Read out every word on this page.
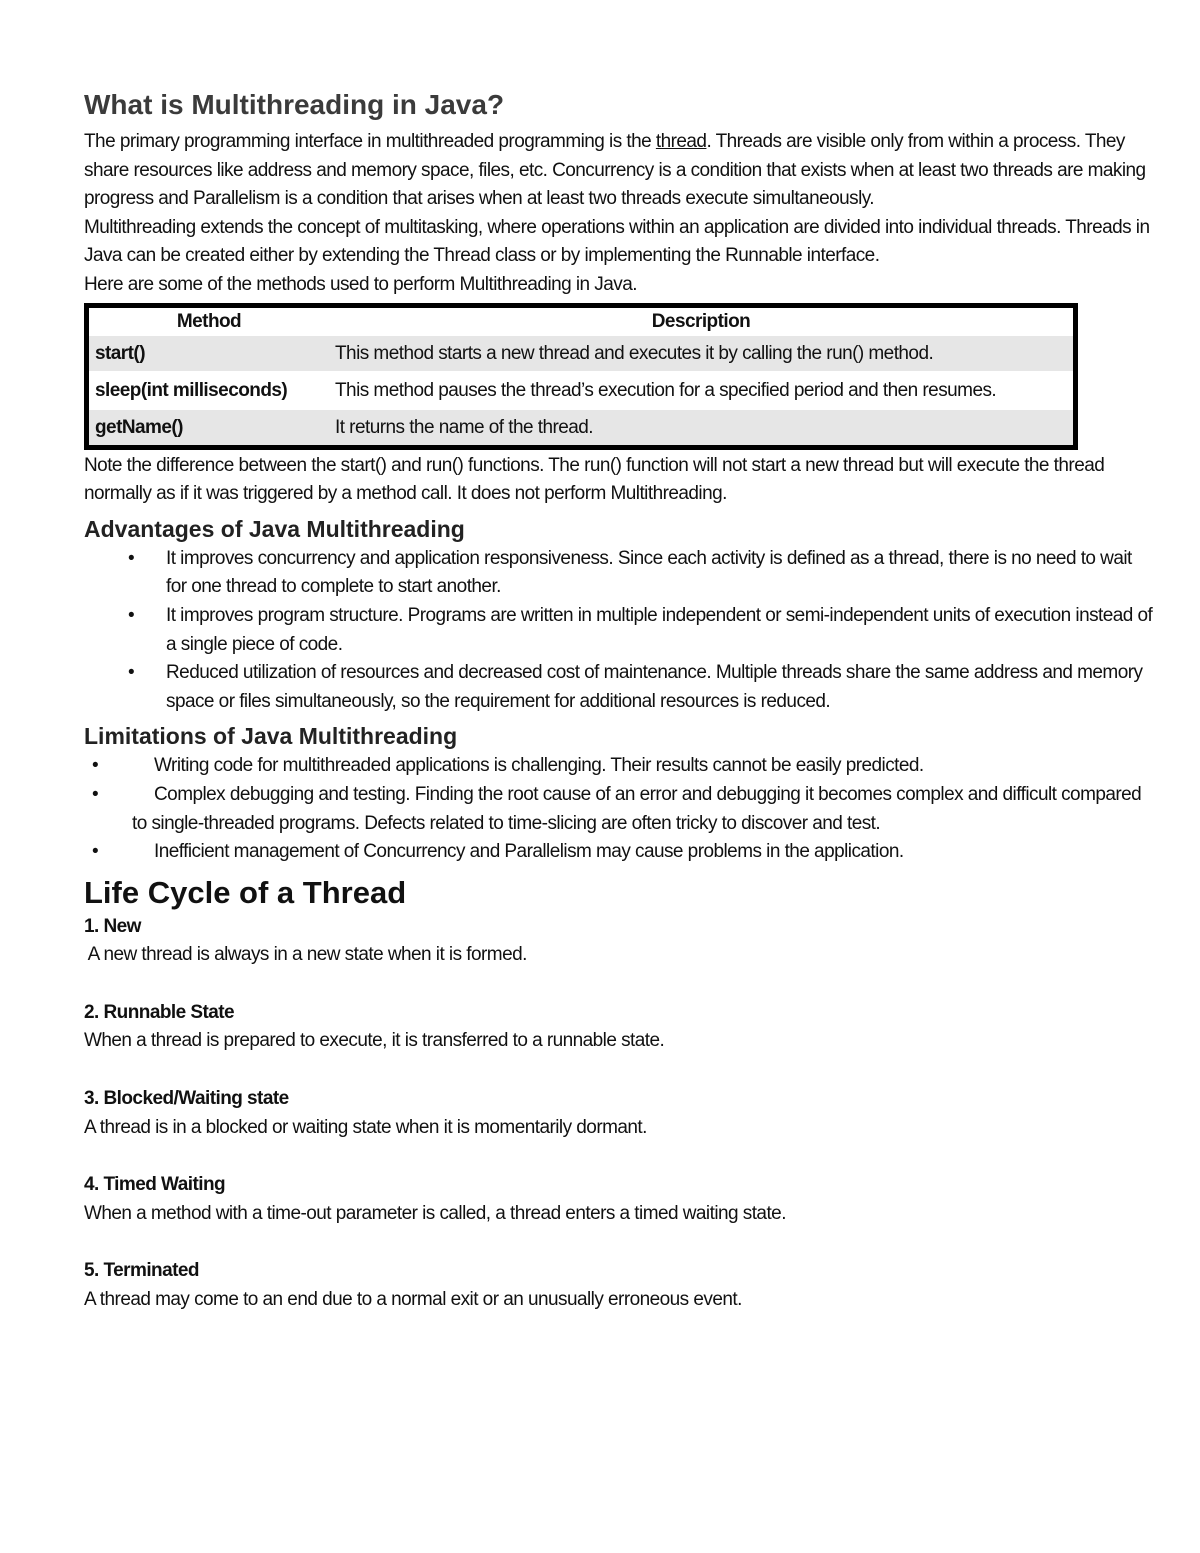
What is Multithreading in Java?

The primary programming interface in multithreaded programming is the thread. Threads are visible only from within a process. They share resources like address and memory space, files, etc. Concurrency is a condition that exists when at least two threads are making progress and Parallelism is a condition that arises when at least two threads execute simultaneously.

Multithreading extends the concept of multitasking, where operations within an application are divided into individual threads. Threads in Java can be created either by extending the Thread class or by implementing the Runnable interface.

Here are some of the methods used to perform Multithreading in Java.

Method	Description
start()	This method starts a new thread and executes it by calling the run() method.
sleep(int milliseconds)	This method pauses the thread’s execution for a specified period and then resumes.
getName()	It returns the name of the thread.

Note the difference between the start() and run() functions. The run() function will not start a new thread but will execute the thread normally as if it was triggered by a method call. It does not perform Multithreading.

Advantages of Java Multithreading
• It improves concurrency and application responsiveness. Since each activity is defined as a thread, there is no need to wait for one thread to complete to start another.
• It improves program structure. Programs are written in multiple independent or semi-independent units of execution instead of a single piece of code.
• Reduced utilization of resources and decreased cost of maintenance. Multiple threads share the same address and memory space or files simultaneously, so the requirement for additional resources is reduced.
Limitations of Java Multithreading
•	Writing code for multithreaded applications is challenging. Their results cannot be easily predicted.
•	Complex debugging and testing. Finding the root cause of an error and debugging it becomes complex and difficult compared to single-threaded programs. Defects related to time-slicing are often tricky to discover and test.
•	Inefficient management of Concurrency and Parallelism may cause problems in the application.
Life Cycle of a Thread

1. New

A new thread is always in a new state when it is formed.

2. Runnable State

When a thread is prepared to execute, it is transferred to a runnable state.

3. Blocked/Waiting state

A thread is in a blocked or waiting state when it is momentarily dormant.

4. Timed Waiting

When a method with a time-out parameter is called, a thread enters a timed waiting state.

5. Terminated

A thread may come to an end due to a normal exit or an unusually erroneous event.
